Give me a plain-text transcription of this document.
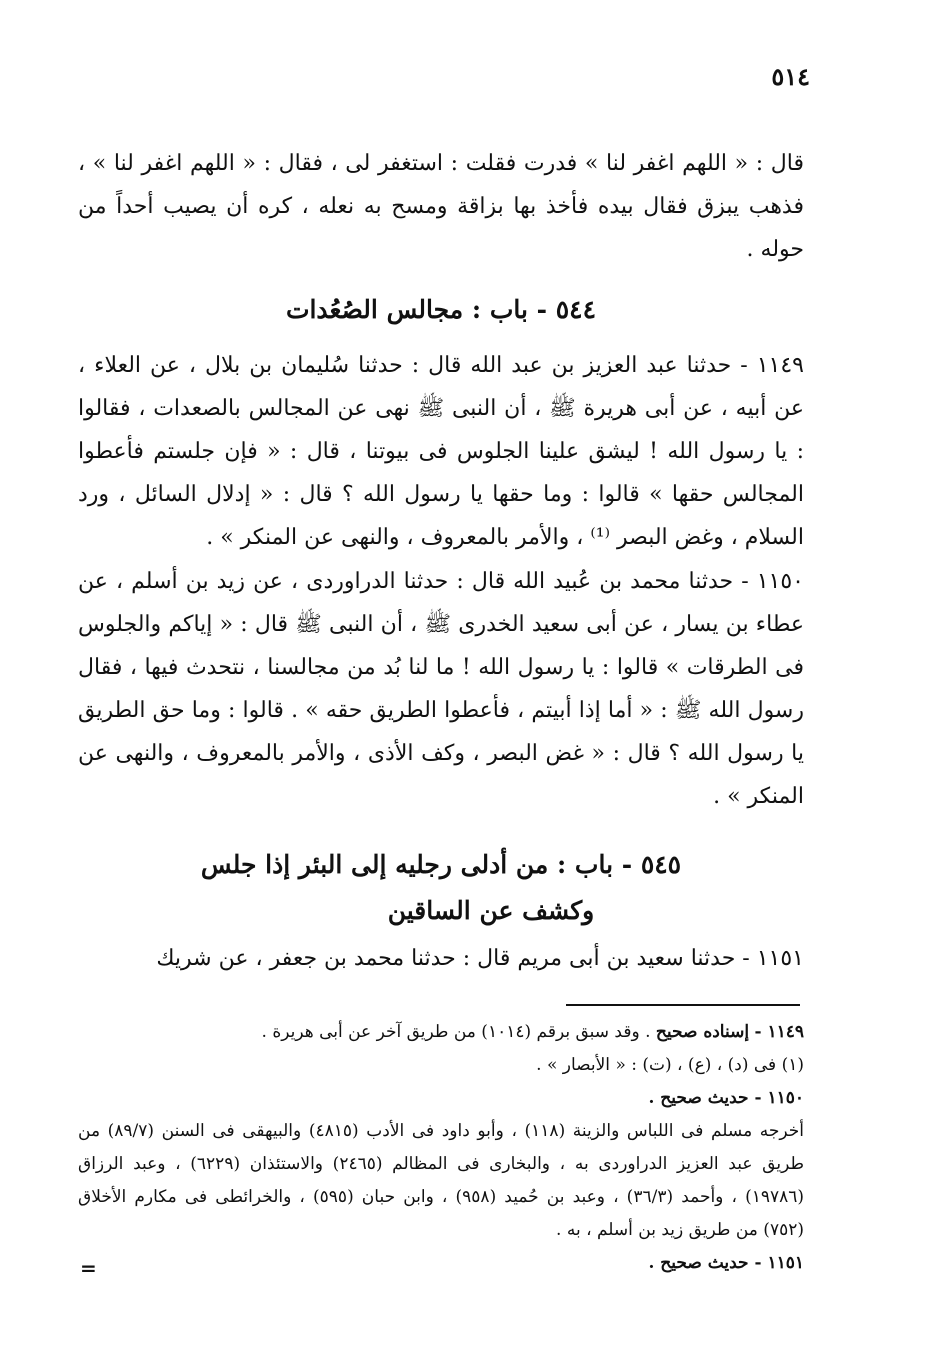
٥١٤
قال : « اللهم اغفر لنا » فدرت فقلت : استغفر لى ، فقال : « اللهم اغفر لنا » ، فذهب يبزق فقال بيده فأخذ بها بزاقة ومسح به نعله ، كره أن يصيب أحداً من حوله .
٥٤٤ - باب : مجالس الصُعُدات
١١٤٩ - حدثنا عبد العزيز بن عبد الله قال : حدثنا سُليمان بن بلال ، عن العلاء ، عن أبيه ، عن أبى هريرة ﷺ ، أن النبى ﷺ نهى عن المجالس بالصعدات ، فقالوا : يا رسول الله ! ليشق علينا الجلوس فى بيوتنا ، قال : « فإن جلستم فأعطوا المجالس حقها » قالوا : وما حقها يا رسول الله ؟ قال : « إدلال السائل ، ورد السلام ، وغض البصر ⁽¹⁾ ، والأمر بالمعروف ، والنهى عن المنكر » .
١١٥٠ - حدثنا محمد بن عُبيد الله قال : حدثنا الدراوردى ، عن زيد بن أسلم ، عن عطاء بن يسار ، عن أبى سعيد الخدرى ﷺ ، أن النبى ﷺ قال : « إياكم والجلوس فى الطرقات » قالوا : يا رسول الله ! ما لنا بُد من مجالسنا ، نتحدث فيها ، فقال رسول الله ﷺ : « أما إذا أبيتم ، فأعطوا الطريق حقه » . قالوا : وما حق الطريق يا رسول الله ؟ قال : « غض البصر ، وكف الأذى ، والأمر بالمعروف ، والنهى عن المنكر » .
٥٤٥ - باب : من أدلى رجليه إلى البئر إذا جلس
وكشف عن الساقين
١١٥١ - حدثنا سعيد بن أبى مريم قال : حدثنا محمد بن جعفر ، عن شريك
١١٤٩ - إسناده صحيح . وقد سبق برقم (١٠١٤) من طريق آخر عن أبى هريرة .
(١) فى (د) ، (ع) ، (ت) : « الأبصار » .
١١٥٠ - حديث صحيح .
أخرجه مسلم فى اللباس والزينة (١١٨) ، وأبو داود فى الأدب (٤٨١٥) والبيهقى فى السنن (٨٩/٧) من طريق عبد العزيز الدراوردى به ، والبخارى فى المظالم (٢٤٦٥) والاستئذان (٦٢٢٩) ، وعبد الرزاق (١٩٧٨٦) ، وأحمد (٣٦/٣) ، وعبد بن حُميد (٩٥٨) ، وابن حبان (٥٩٥) ، والخرائطى فى مكارم الأخلاق (٧٥٢) من طريق زيد بن أسلم ، به .
١١٥١ - حديث صحيح .
=
